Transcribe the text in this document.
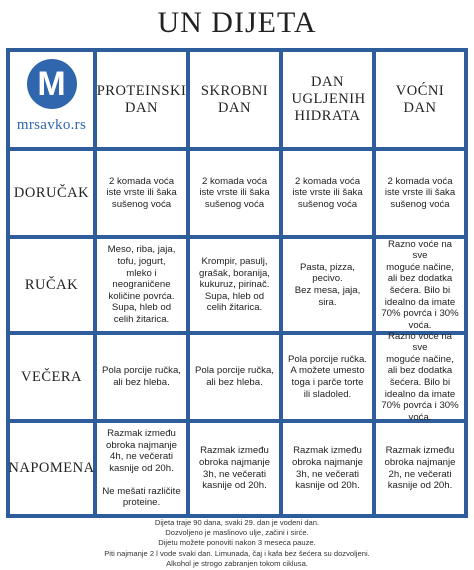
UN DIJETA
M
mrsavko.rs
PROTEINSKI DAN
SKROBNI DAN
DAN UGLJENIH HIDRATA
VOĆNI DAN
DORUČAK
RUČAK
VEČERA
NAPOMENA
2 komada voća
iste vrste ili šaka
sušenog voća
2 komada voća
iste vrste ili šaka
sušenog voća
2 komada voća
iste vrste ili šaka
sušenog voća
2 komada voća
iste vrste ili šaka
sušenog voća
Meso, riba, jaja,
tofu, jogurt,
mleko i
neograničene
količine povrća.
Supa, hleb od
celih žitarica.
Krompir, pasulj,
grašak, boranija,
kukuruz, pirinač.
Supa, hleb od
celih žitarica.
Pasta, pizza,
pecivo.
Bez mesa, jaja,
sira.
Razno voće na sve
moguće načine,
ali bez dodatka
šećera. Bilo bi
idealno da imate
70% povrća i 30%
voća.
Pola porcije ručka,
ali bez hleba.
Pola porcije ručka,
ali bez hleba.
Pola porcije ručka.
A možete umesto
toga i parče torte
ili sladoled.
Razno voće na sve
moguće načine,
ali bez dodatka
šećera. Bilo bi
idealno da imate
70% povrća i 30%
voća.
Razmak između
obroka najmanje
4h, ne večerati
kasnije od 20h.
Ne mešati različite
proteine.
Razmak između
obroka najmanje
3h, ne večerati
kasnije od 20h.
Razmak između
obroka najmanje
3h, ne večerati
kasnije od 20h.
Razmak između
obroka najmanje
2h, ne večerati
kasnije od 20h.
Dijeta traje 90 dana, svaki 29. dan je vodeni dan.
Dozvoljeno je maslinovo ulje, začini i sirće.
Dijetu možete ponoviti nakon 3 meseca pauze.
Piti najmanje 2 l vode svaki dan. Limunada, čaj i kafa bez šećera su dozvoljeni.
Alkohol je strogo zabranjen tokom ciklusa.
